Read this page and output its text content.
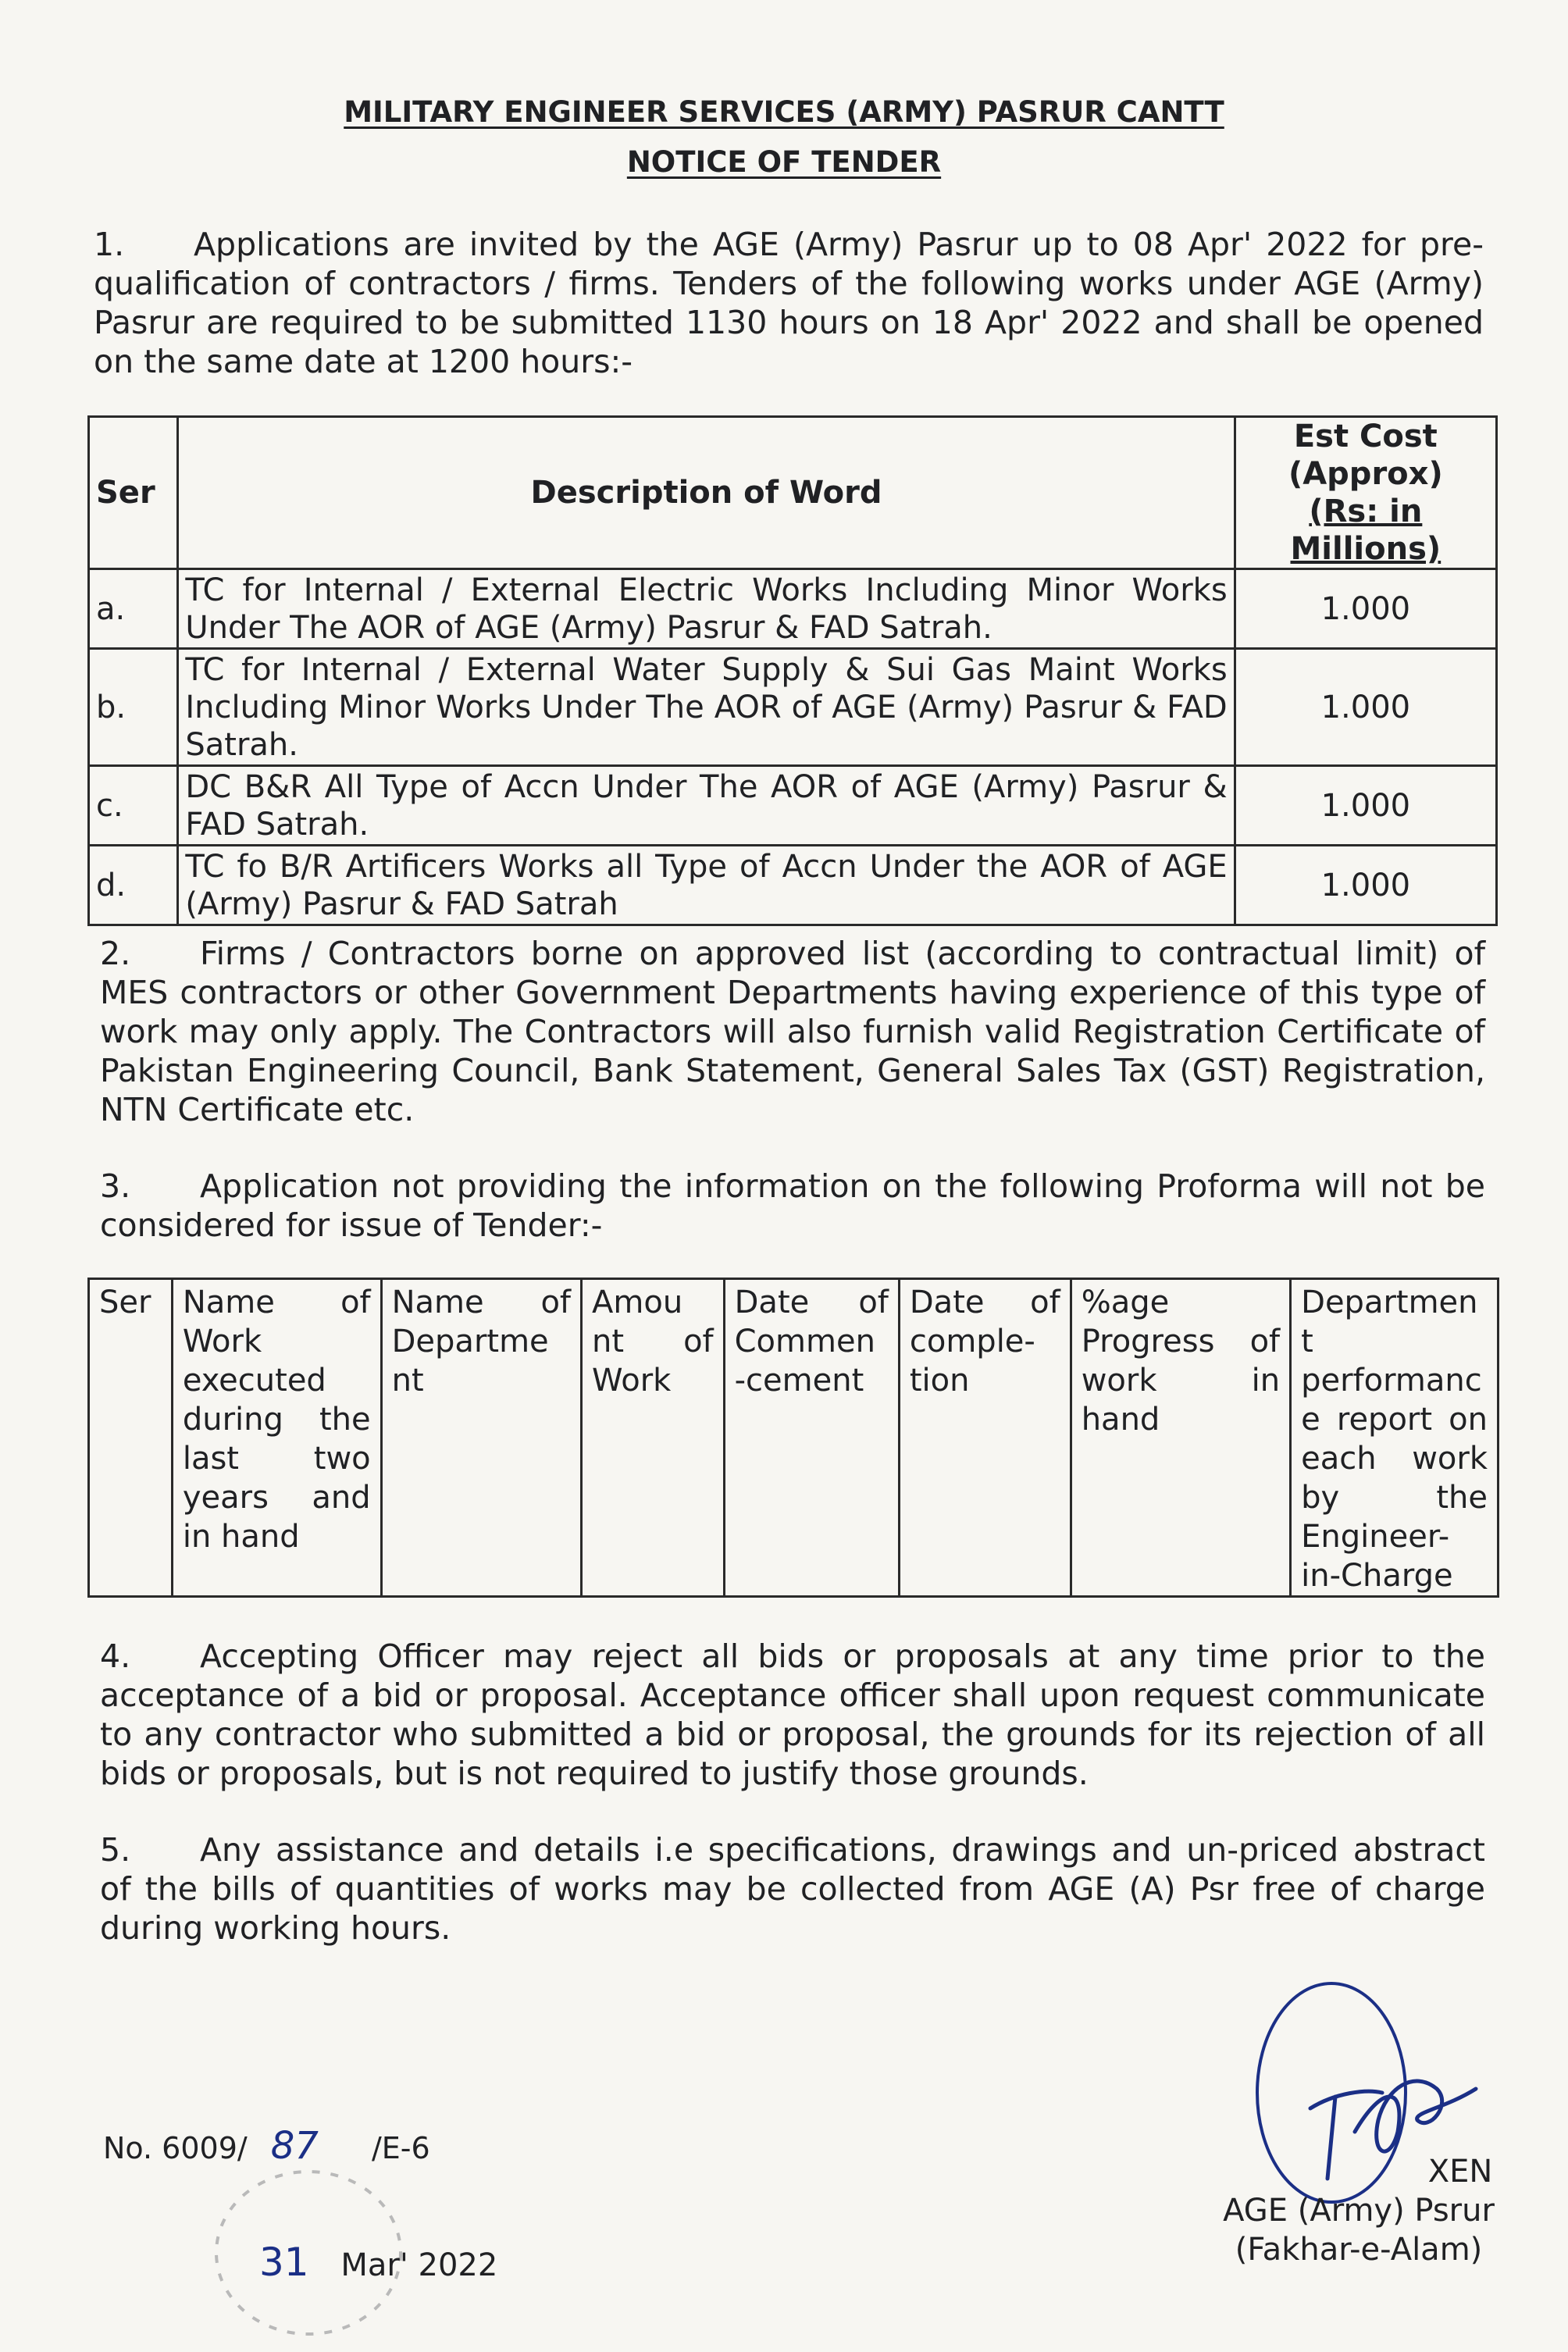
MILITARY ENGINEER SERVICES (ARMY) PASRUR CANTT
NOTICE OF TENDER
1. Applications are invited by the AGE (Army) Pasrur up to 08 Apr' 2022 for pre-qualification of contractors / firms. Tenders of the following works under AGE (Army) Pasrur are required to be submitted 1130 hours on 18 Apr' 2022 and shall be opened on the same date at 1200 hours:-
Ser	Description of Word	Est Cost
(Approx)
(Rs: in Millions)

a.	TC for Internal / External Electric Works Including Minor Works Under The AOR of AGE (Army) Pasrur & FAD Satrah.	1.000
b.	TC for Internal / External Water Supply & Sui Gas Maint Works Including Minor Works Under The AOR of AGE (Army) Pasrur & FAD Satrah.	1.000
c.	DC B&R All Type of Accn Under The AOR of AGE (Army) Pasrur & FAD Satrah.	1.000
d.	TC fo B/R Artificers Works all Type of Accn Under the AOR of AGE (Army) Pasrur & FAD Satrah	1.000
2. Firms / Contractors borne on approved list (according to contractual limit) of MES contractors or other Government Departments having experience of this type of work may only apply. The Contractors will also furnish valid Registration Certificate of Pakistan Engineering Council, Bank Statement, General Sales Tax (GST) Registration, NTN Certificate etc.
3. Application not providing the information on the following Proforma will not be considered for issue of Tender:-
Ser	Name of Work executed during the last two years and in hand	Name of Departme nt	Amou nt of Work	Date of Commen -cement	Date of comple-tion	%age Progress of work in hand	Departmen t performanc e report on each work by the Engineer-in-Charge
4. Accepting Officer may reject all bids or proposals at any time prior to the acceptance of a bid or proposal. Acceptance officer shall upon request communicate to any contractor who submitted a bid or proposal, the grounds for its rejection of all bids or proposals, but is not required to justify those grounds.
5. Any assistance and details i.e specifications, drawings and un-priced abstract of the bills of quantities of works may be collected from AGE (A) Psr free of charge during working hours.
No. 6009/ 87 /E-6
31 Mar' 2022
XEN
AGE (Army) Psrur
(Fakhar-e-Alam)
